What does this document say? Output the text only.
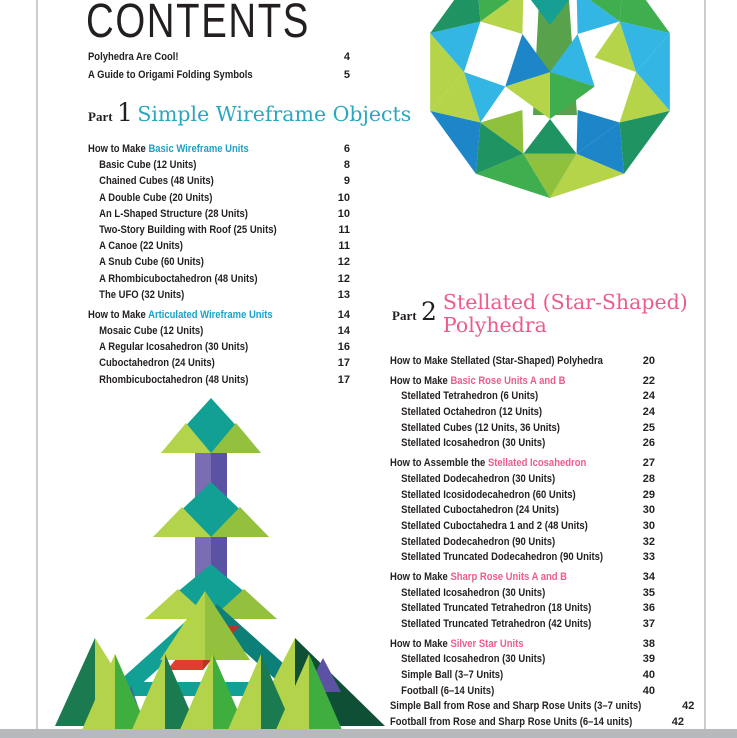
CONTENTS
Polyhedra Are Cool!	4
A Guide to Origami Folding Symbols	5
Part 1 Simple Wireframe Objects
How to Make Basic Wireframe Units	6
Basic Cube (12 Units)	8
Chained Cubes (48 Units)	9
A Double Cube (20 Units)	10
An L-Shaped Structure (28 Units)	10
Two-Story Building with Roof (25 Units)	11
A Canoe (22 Units)	11
A Snub Cube (60 Units)	12
A Rhombicuboctahedron (48 Units)	12
The UFO (32 Units)	13
How to Make Articulated Wireframe Units	14
Mosaic Cube (12 Units)	14
A Regular Icosahedron (30 Units)	16
Cuboctahedron (24 Units)	17
Rhombicuboctahedron (48 Units)	17
Part 2 Stellated (Star-Shaped)
Polyhedra
How to Make Stellated (Star-Shaped) Polyhedra	20
How to Make Basic Rose Units A and B	22
Stellated Tetrahedron (6 Units)	24
Stellated Octahedron (12 Units)	24
Stellated Cubes (12 Units, 36 Units)	25
Stellated Icosahedron (30 Units)	26
How to Assemble the Stellated Icosahedron	27
Stellated Dodecahedron (30 Units)	28
Stellated Icosidodecahedron (60 Units)	29
Stellated Cuboctahedron (24 Units)	30
Stellated Cuboctahedra 1 and 2 (48 Units)	30
Stellated Dodecahedron (90 Units)	32
Stellated Truncated Dodecahedron (90 Units)	33
How to Make Sharp Rose Units A and B	34
Stellated Icosahedron (30 Units)	35
Stellated Truncated Tetrahedron (18 Units)	36
Stellated Truncated Tetrahedron (42 Units)	37
How to Make Silver Star Units	38
Stellated Icosahedron (30 Units)	39
Simple Ball (3–7 Units)	40
Football (6–14 Units)	40
Simple Ball from Rose and Sharp Rose Units (3–7 units)	42
Football from Rose and Sharp Rose Units (6–14 units)	42
